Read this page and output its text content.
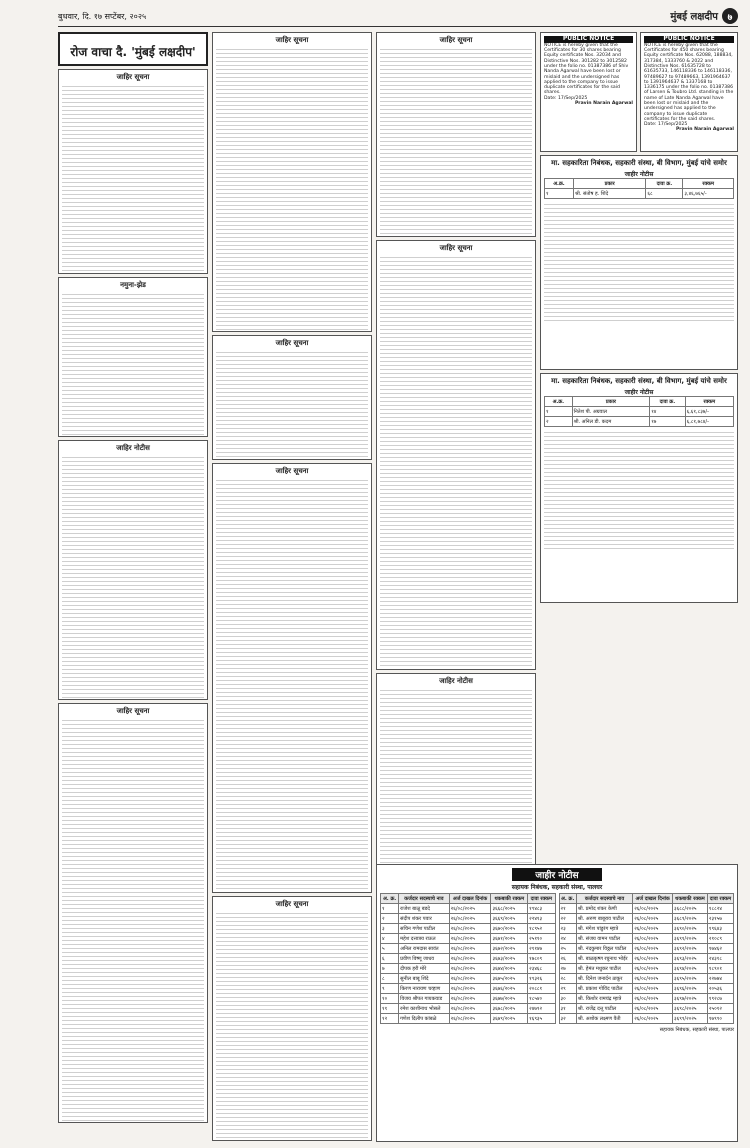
बुधवार, दि. १७ सप्टेंबर, २०२५	मुंबई लक्षदीप ७
रोज वाचा दै. 'मुंबई लक्षदीप'
जाहिर सूचना
नमुना-झेड
जाहिर नोटीस
जाहिर सूचना
जाहिर सूचना
जाहिर सूचना
जाहिर सूचना
जाहिर सूचना
जाहिर सूचना
जाहिर सूचना
जाहिर नोटीस
PUBLIC NOTICE
NOTICE is hereby given that the Certificates for 30 shares bearing Equity certificate Nos. 32034 and Distinctive Nos. 301282 to 3012582 under the folio no. 01387386 of Shiv Nanda Agarwal have been lost or mislaid and the undersigned has applied to the company to issue duplicate certificates for the said shares.
Date: 17/Sep/2025
Pravin Narain Agarwal
PUBLIC NOTICE
NOTICE is hereby given that the Certificates for 450 shares bearing Equity certificate Nos. 62088, 188834, 317384, 1333760 & 2022 and Distinctive Nos. 61635728 to 61635733, 146118336 to 146118336, 97489627 to 97489663, 1391964637 to 1391964637 & 1337168 to 1336175 under the folio no. 01387386 of Larsen & Toubro Ltd. standing in the name of Late Nanda Agarwal have been lost or mislaid and the undersigned has applied to the company to issue duplicate certificates for the said shares.
Date: 17/Sep/2025
Pravin Narain Agarwal
मा. सहकारिता निबंधक, सहकारी संस्था, बी विभाग, मुंबई यांचे समोर
जाहीर नोटीस
अ.क्र.	प्रकार	दावा क्र.	रक्कम
१	श्री. संतोष ह. शिंदे	६८	३,४६,७६५/-
मा. सहकारिता निबंधक, सहकारी संस्था, बी विभाग, मुंबई यांचे समोर
जाहीर नोटीस
अ.क्र.	प्रकार	दावा क्र.	रक्कम
१	नितेश पी. अग्रवाल	१४	६,६१,८३७/-
२	श्री. अनिल डी. कदम	१७	६,८१,७८४/-
जाहीर नोटीस
सहायक निबंधक, सहकारी संस्था, पालघर
अ. क्र.	कर्जदार सदस्याचे नाव	अर्ज दाखल दिनांक	थकबाकी रक्कम	दावा रक्कम
१	राजेश बाळू बडदे	२६/०८/२०२५	३६६८/२०२५	१९४८३
२	संदीप शंकर पवार	२६/०८/२०२५	३६६९/२०२५	२२४१३
३	सचिन गणेश पाटील	२६/०८/२०२५	३६७०/२०२५	१८९५२
४	महेश दत्तात्रय राऊत	२६/०८/२०२५	३६७१/२०२५	२५११०
५	अनिल रामदास सावंत	२६/०८/२०२५	३६७२/२०२५	२११४७
६	प्रवीण विष्णू जाधव	२६/०८/२०२५	३६७३/२०२५	१७८०९
७	दीपक हरी मोरे	२६/०८/२०२५	३६७४/२०२५	२३४६८
८	सुनील बाबू शिंदे	२६/०८/२०२५	३६७५/२०२५	१९३२६
९	किरण नारायण चव्हाण	२६/०८/२०२५	३६७६/२०२५	२०८८१
१०	विजय श्रीपत गायकवाड	२६/०८/२०२५	३६७७/२०२५	१८५४०
११	रमेश काशीनाथ भोसले	२६/०८/२०२५	३६७८/२०२५	२४७९२
१२	गणेश दिलीप कांबळे	२६/०८/२०२५	३६७९/२०२५	१६९३५
अ. क्र.	कर्जदार सदस्याचे नाव	अर्ज दाखल दिनांक	थकबाकी रक्कम	दावा रक्कम
२१	श्री. प्रमोद शंकर केणी	२६/०८/२०२५	३६८८/२०२५	१८८२४
२२	श्री. अरुण बाबूराव पाटील	२६/०८/२०२५	३६८९/२०२५	२३१५७
२३	श्री. मंगेश पांडुरंग म्हात्रे	२६/०८/२०२५	३६९०/२०२५	१९६४३
२४	श्री. संजय वामन पाटील	२६/०८/२०२५	३६९१/२०२५	२१०८९
२५	श्री. नंदकुमार विठ्ठल पाटील	२६/०८/२०२५	३६९२/२०२५	१७४६२
२६	श्री. बाळकृष्ण रघुनाथ भोईर	२६/०८/२०२५	३६९३/२०२५	२४३१८
२७	श्री. हेमंत मधुकर पाटील	२६/०८/२०२५	३६९४/२०२५	१८९०१
२८	श्री. दिनेश जनार्दन ठाकूर	२६/०८/२०२५	३६९५/२०२५	२२७७४
२९	श्री. प्रकाश गोविंद पाटील	२६/०८/२०२५	३६९६/२०२५	२०५३६
३०	श्री. किशोर रामचंद्र म्हात्रे	२६/०८/२०२५	३६९७/२०२५	१९२८७
३१	श्री. राजेंद्र दत्तू पाटील	२६/०८/२०२५	३६९८/२०२५	२५०१२
३२	श्री. अशोक लक्ष्मण वैती	२६/०८/२०२५	३६९९/२०२५	१७९९०
सहायक निबंधक, सहकारी संस्था, पालघर
